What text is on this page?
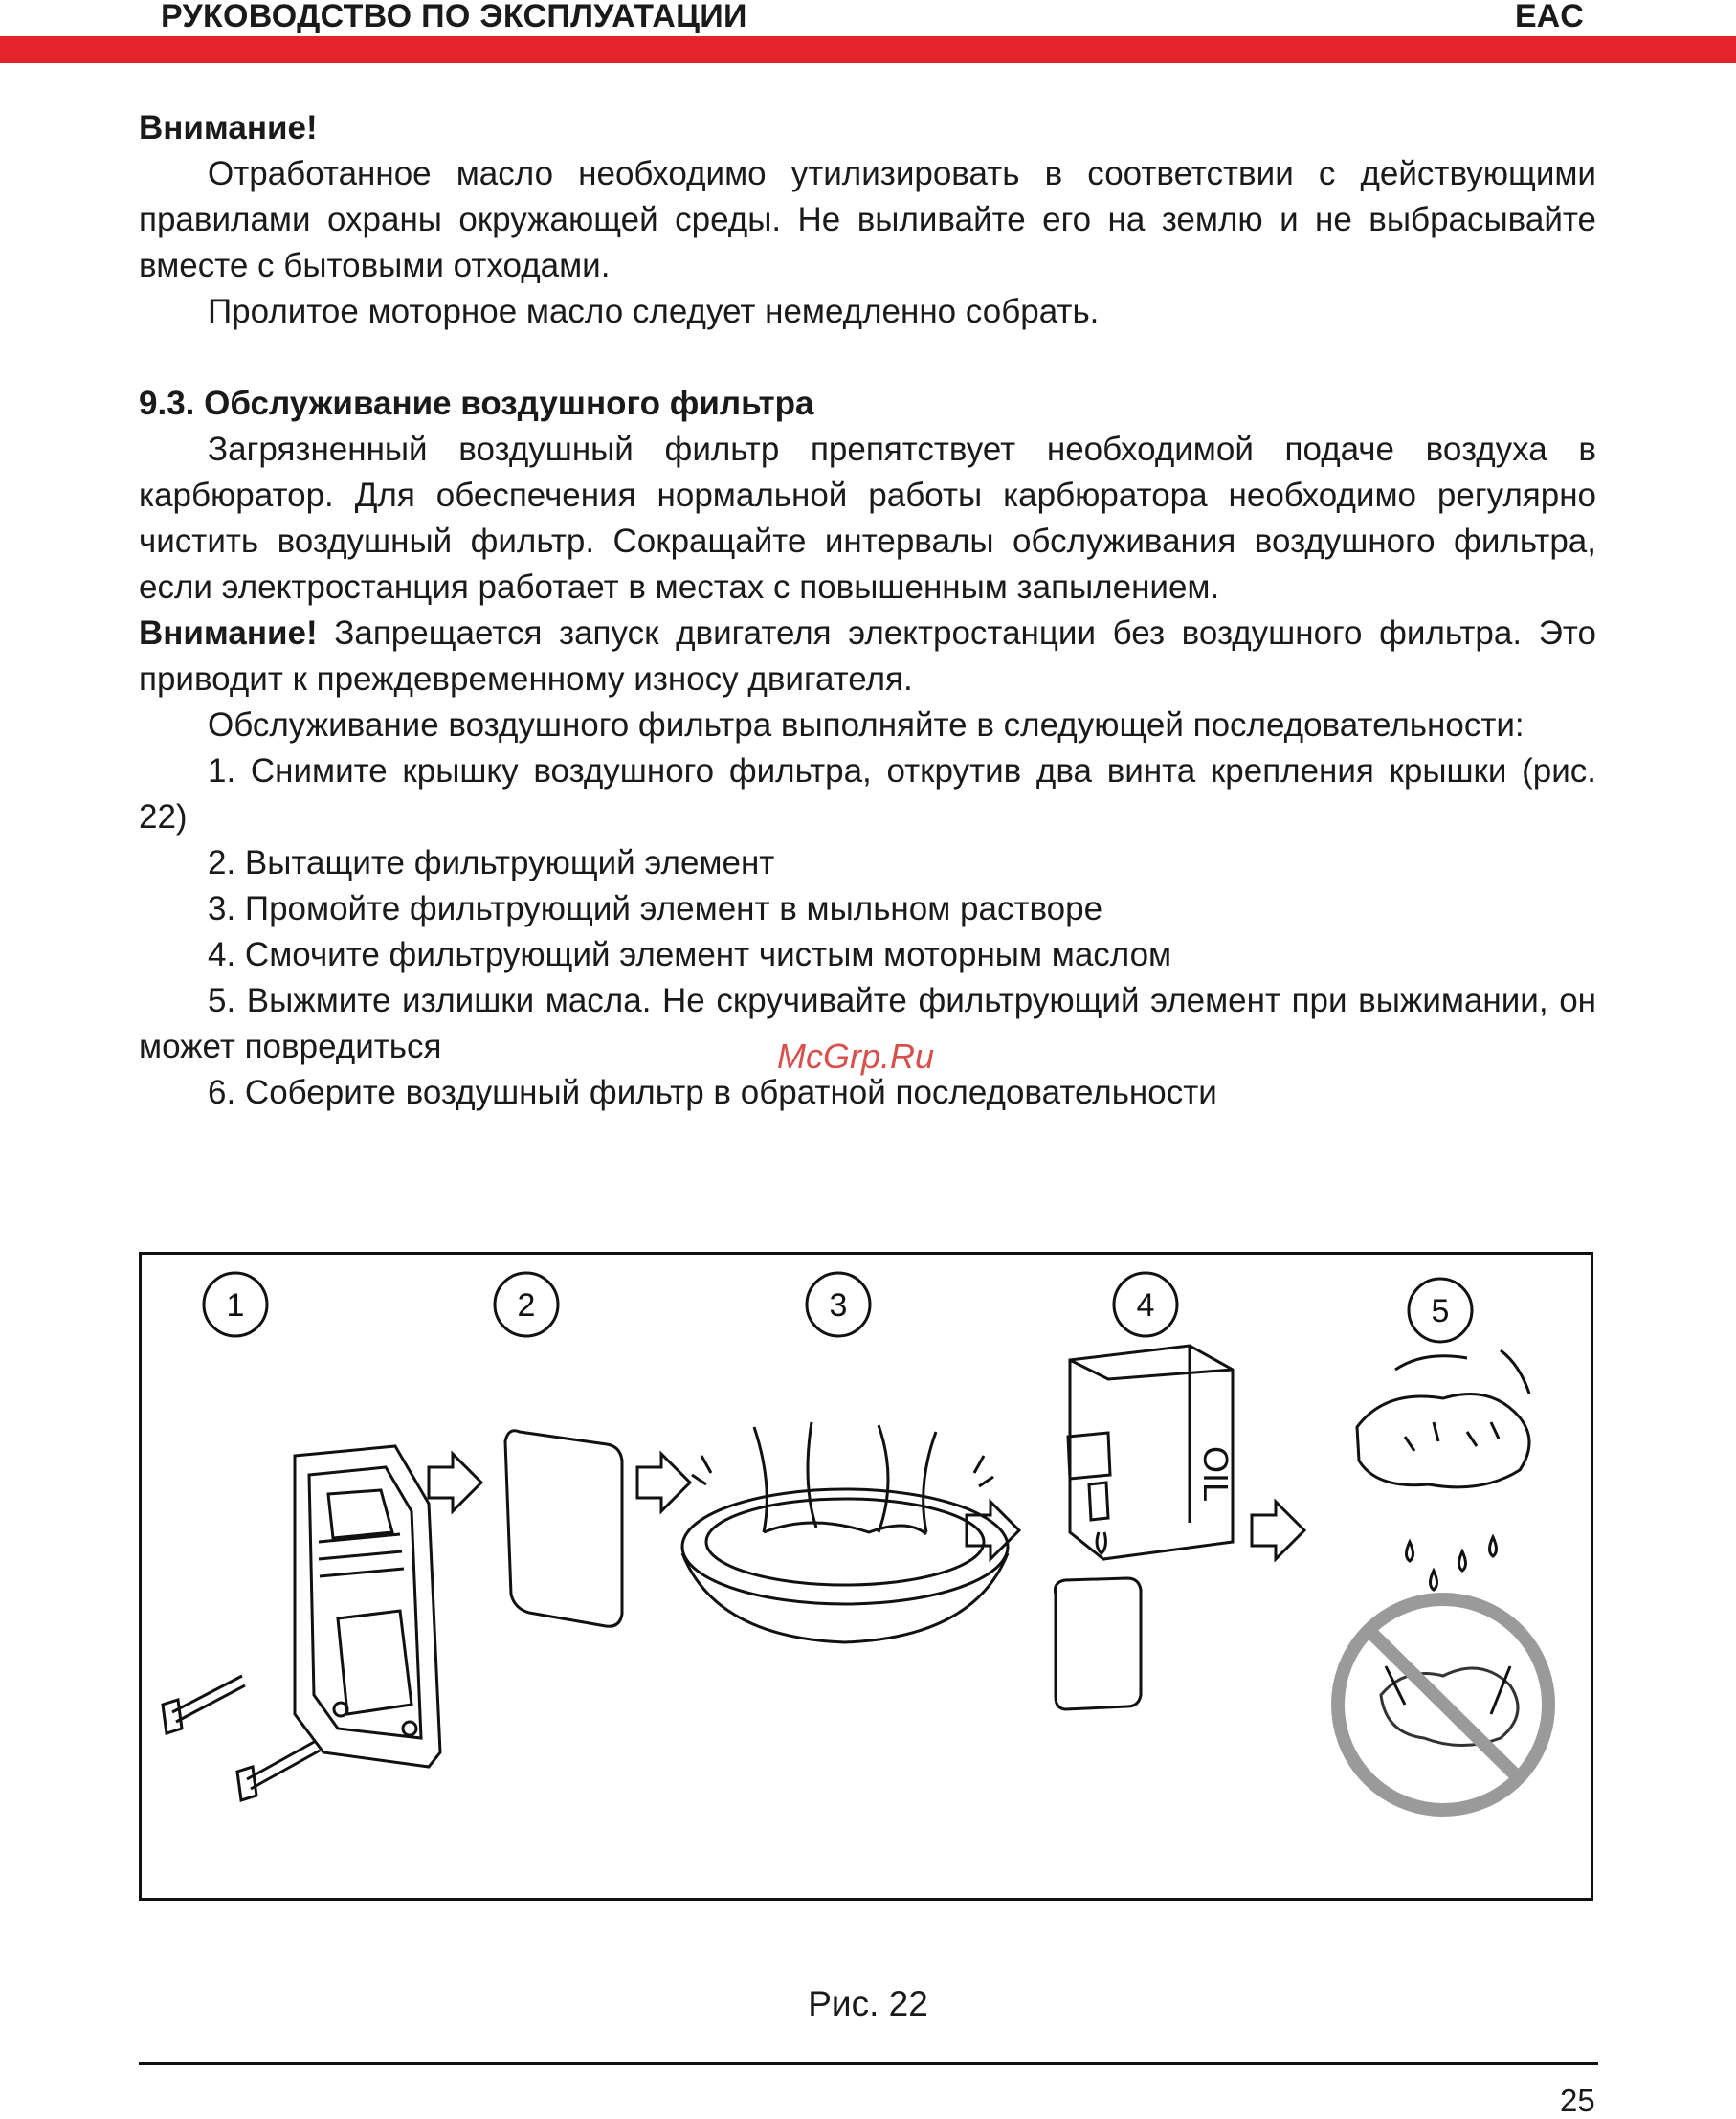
РУКОВОДСТВО ПО ЭКСПЛУАТАЦИИ	EAC

Внимание!

Отработанное масло необходимо утилизировать в соответствии с действующими правилами охраны окружающей среды. Не выливайте его на землю и не выбрасывайте вместе с бытовыми отходами.

Пролитое моторное масло следует немедленно собрать.

9.3. Обслуживание воздушного фильтра

Загрязненный воздушный фильтр препятствует необходимой подаче воздуха в карбюратор. Для обеспечения нормальной работы карбюратора необходимо регулярно чистить воздушный фильтр. Сокращайте интервалы обслуживания воздушного фильтра, если электростанция работает в местах с повышенным запылением.

Внимание! Запрещается запуск двигателя электростанции без воздушного фильтра. Это приводит к преждевременному износу двигателя.

Обслуживание воздушного фильтра выполняйте в следующей последовательности:

1. Снимите крышку воздушного фильтра, открутив два винта крепления крышки (рис. 22)

2. Вытащите фильтрующий элемент

3. Промойте фильтрующий элемент в мыльном растворе

4. Смочите фильтрующий элемент чистым моторным маслом

5. Выжмите излишки масла. Не скручивайте фильтрующий элемент при выжимании, он может повредиться

6. Соберите воздушный фильтр в обратной последовательности

McGrp.Ru
1	2	3	4	5
OIL
Рис. 22
25
